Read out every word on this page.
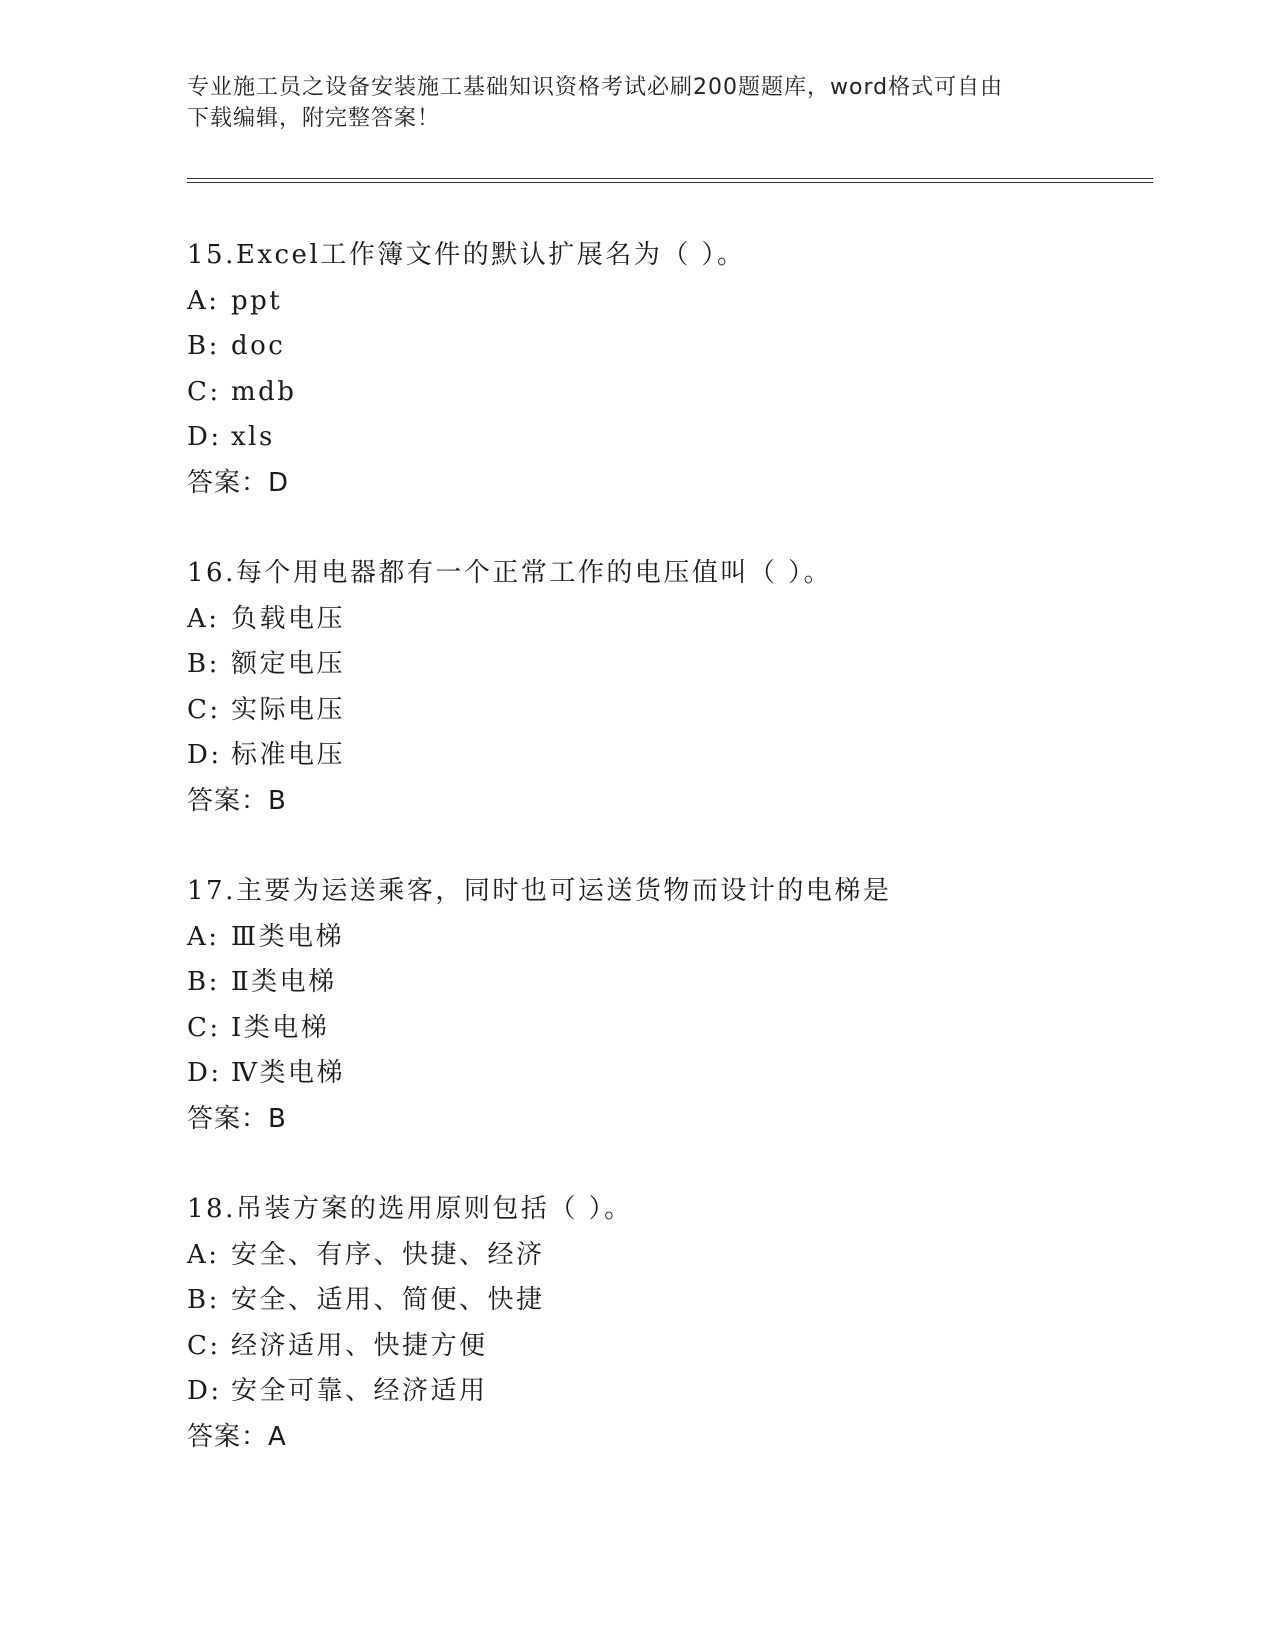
专业施工员之设备安装施工基础知识资格考试必刷200题题库，word格式可自由
下载编辑，附完整答案！
15.Excel工作簿文件的默认扩展名为（ ）。
A: ppt
B: doc
C: mdb
D: xls
答案：D
16.每个用电器都有一个正常工作的电压值叫（ ）。
A: 负载电压
B: 额定电压
C: 实际电压
D: 标准电压
答案：B
17.主要为运送乘客，同时也可运送货物而设计的电梯是
A: Ⅲ类电梯
B: Ⅱ类电梯
C: Ⅰ类电梯
D: Ⅳ类电梯
答案：B
18.吊装方案的选用原则包括（ ）。
A: 安全、有序、快捷、经济
B: 安全、适用、简便、快捷
C: 经济适用、快捷方便
D: 安全可靠、经济适用
答案：A
